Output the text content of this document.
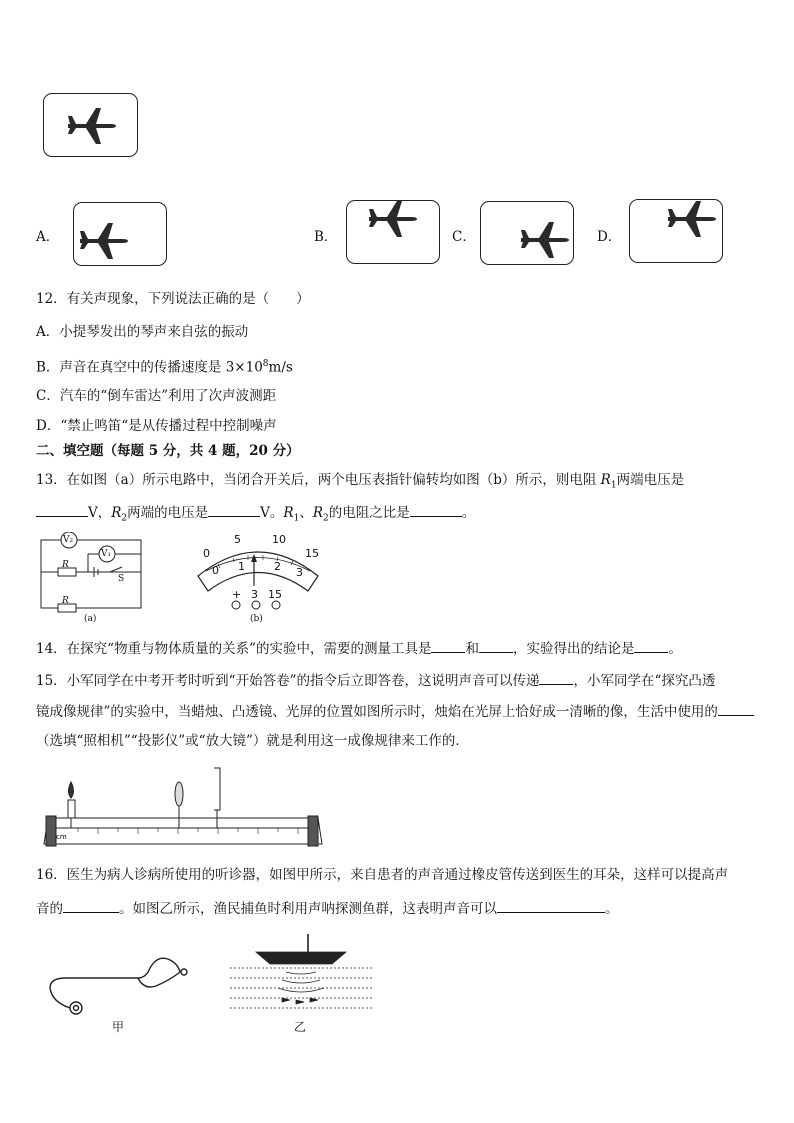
A．	B．	C．	D．
12．有关声现象，下列说法正确的是（　　）
A．小提琴发出的琴声来自弦的振动
B．声音在真空中的传播速度是 $3\times 10^8m/s$
C．汽车的“倒车雷达”利用了次声波测距
D．“禁止鸣笛“是从传播过程中控制噪声
二、填空题（每题 5 分，共 4 题，20 分）
13．在如图（a）所示电路中，当闭合开关后，两个电压表指针偏转均如图（b）所示，则电阻 $R_1$两端电压是
V，$R_2$两端的电压是	V。$R_1$、$R_2$的电阻之比是	。
V₂
V₁
R
S
R
(a)
0
5	10
15
0 1	2 3
+ 3 15
(b)
14．在探究“物重与物体质量的关系”的实验中，需要的测量工具是	和	，实验得出的结论是	。
15．小军同学在中考开考时听到“开始答卷”的指令后立即答卷，这说明声音可以传递	，小军同学在“探究凸透
镜成像规律”的实验中，当蜡烛、凸透镜、光屏的位置如图所示时，烛焰在光屏上恰好成一清晰的像，生活中使用的
（选填“照相机”“投影仪”或“放大镜”）就是利用这一成像规律来工作的．
cm
16．医生为病人诊病所使用的听诊器，如图甲所示，来自患者的声音通过橡皮管传送到医生的耳朵，这样可以提高声
音的	。如图乙所示，渔民捕鱼时利用声呐探测鱼群，这表明声音可以	。
甲	乙
